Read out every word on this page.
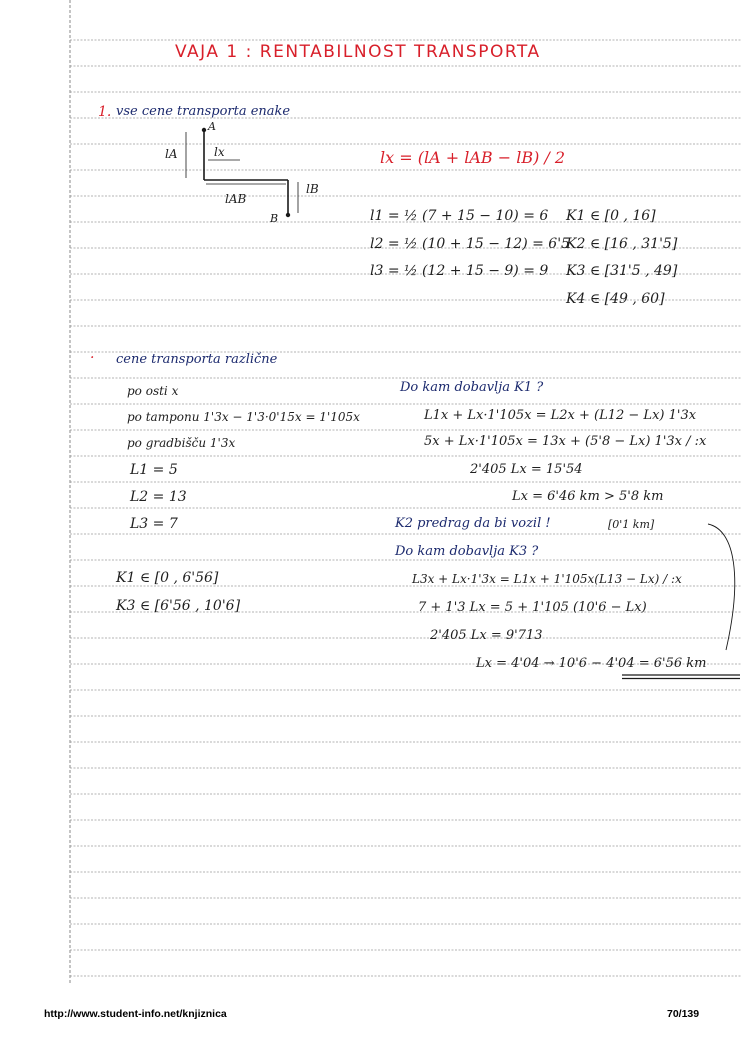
VAJA 1 : RENTABILNOST TRANSPORTA
1. vse cene transporta enake
A
B
lA	lx
lAB
lB
lx = (lA + lAB − lB) / 2
l1 = ½ (7 + 15 − 10) = 6
l2 = ½ (10 + 15 − 12) = 6'5
l3 = ½ (12 + 15 − 9) = 9
K1 ∈ [0 , 16]
K2 ∈ [16 , 31'5]
K3 ∈ [31'5 , 49]
K4 ∈ [49 , 60]
· cene transporta različne
po osti x
po tamponu 1'3x − 1'3·0'15x = 1'105x
po gradbišču 1'3x
L1 = 5
L2 = 13
L3 = 7
Do kam dobavlja K1 ?
L1x + Lx·1'105x = L2x + (L12 − Lx) 1'3x
5x + Lx·1'105x = 13x + (5'8 − Lx) 1'3x / :x
2'405 Lx = 15'54
Lx = 6'46 km > 5'8 km
K2 predrag da bi vozil !	[0'1 km]
Do kam dobavlja K3 ?
L3x + Lx·1'3x = L1x + 1'105x(L13 − Lx) / :x
7 + 1'3 Lx = 5 + 1'105 (10'6 − Lx)
2'405 Lx = 9'713
Lx = 4'04 → 10'6 − 4'04 = 6'56 km
K1 ∈ [0 , 6'56]
K3 ∈ [6'56 , 10'6]
http://www.student-info.net/knjiznica	70/139
